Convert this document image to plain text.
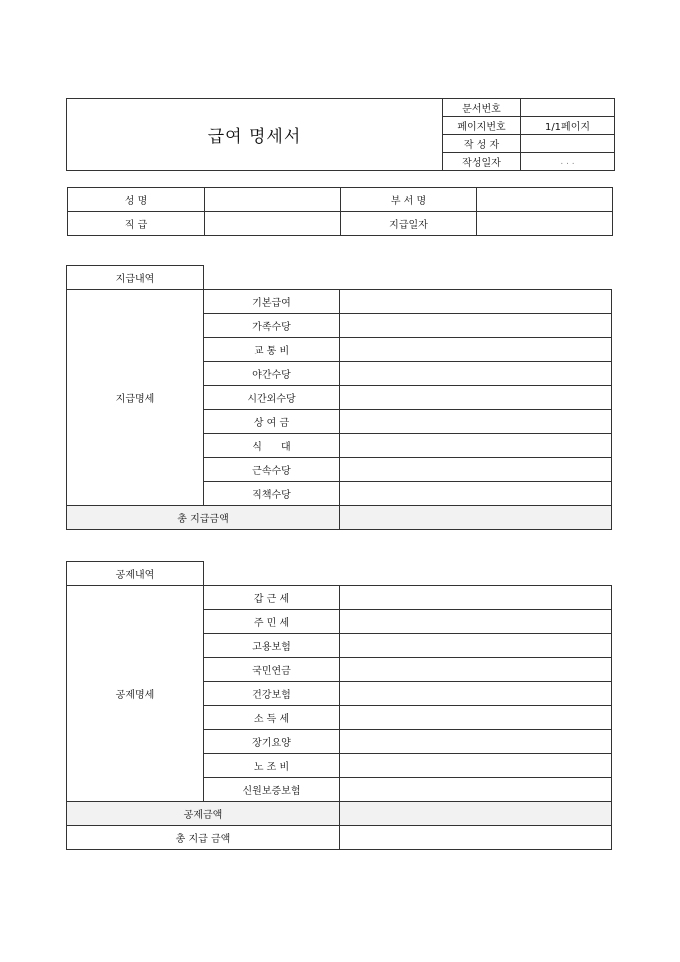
급여 명세서	문서번호	
	페이지번호	1/1페이지
	작 성 자	
	작성일자	. . .
성 명		부 서 명	
직 급		지급일자	
지급내역		
지급명세	기본급여	
	가족수당	
	교 통 비	
	야간수당	
	시간외수당	
	상 여 금	
	식      대	
	근속수당	
	직책수당	
총 지급금액		
공제내역		
공제명세	갑 근 세	
	주 민 세	
	고용보험	
	국민연금	
	건강보험	
	소 득 세	
	장기요양	
	노 조 비	
	신원보증보험	
공제금액		
총 지급 금액		
